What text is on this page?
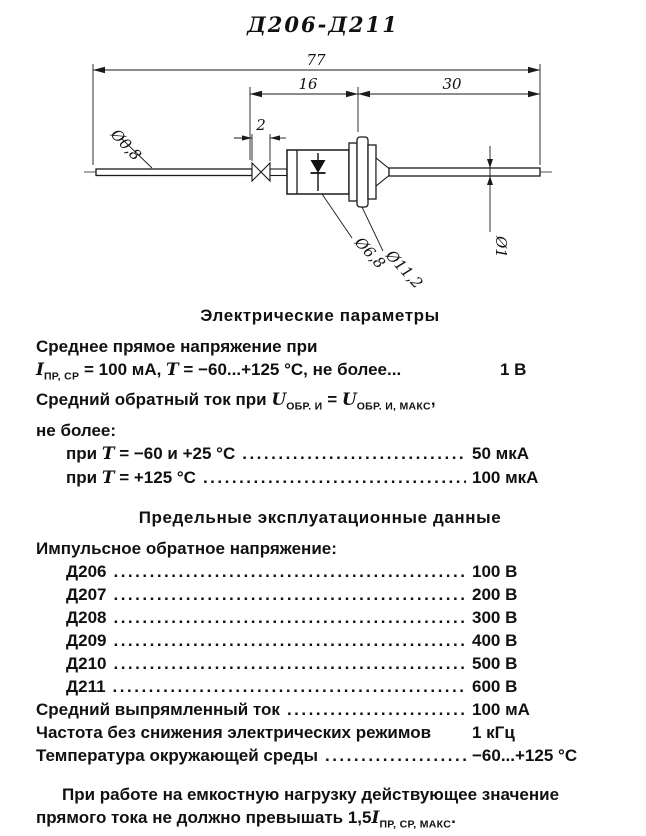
Д206-Д211
77
16	30
2
Ø0,8
Ø6,8
Ø11,2	Ø1
Электрические параметры
Среднее прямое напряжение при
$I_{ПР, СР} = 100$ мА, T = −60...+125 °С, не более...	1 В
Средний обратный ток при $U_{ОБР. И} = U_{ОБР. И, МАКС}$,
не более:
при T = −60 и +25 °С .....	50 мкА
при T = +125 °С .....	100 мкА
Предельные эксплуатационные данные
Импульсное обратное напряжение:
Д206 .....	100 В
Д207 .....	200 В
Д208 .....	300 В
Д209 .....	400 В
Д210 .....	500 В
Д211 .....	600 В
Средний выпрямленный ток .....	100 мА
Частота без снижения электрических режимов 1 кГц
Температура окружающей среды .....	−60...+125 °С
При работе на емкостную нагрузку действующее значение
прямого тока не должно превышать $1,5I_{ПР, СР, МАКС}$.
